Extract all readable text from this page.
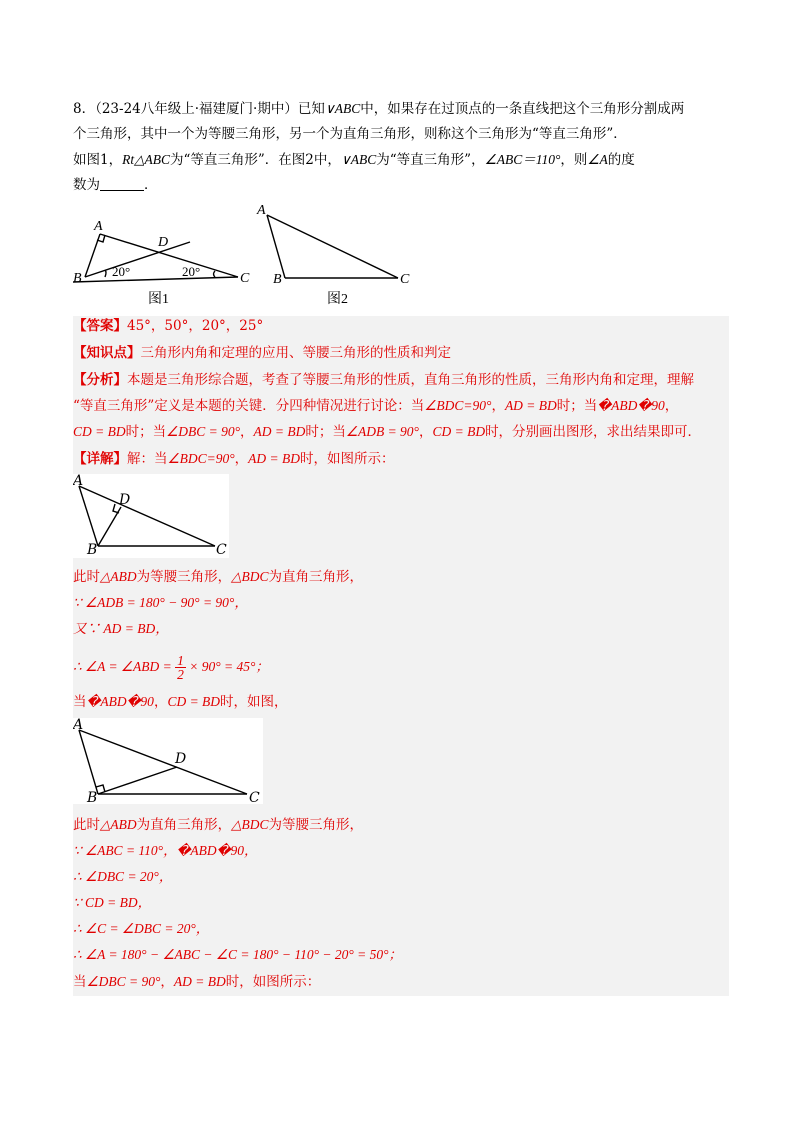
8．（23-24八年级上·福建厦门·期中）已知∨ABC中，如果存在过顶点的一条直线把这个三角形分割成两

个三角形，其中一个为等腰三角形，另一个为直角三角形，则称这个三角形为“等直三角形”．

如图1，Rt△ABC为“等直三角形”．在图2中，∨ABC为“等直三角形”，∠ABC＝110°，则∠A的度

数为	．

A
B	C
D
20°	20°
图1
A
B	C
图2
【答案】45°，50°，20°，25°
【知识点】三角形内角和定理的应用、等腰三角形的性质和判定
【分析】本题是三角形综合题，考查了等腰三角形的性质，直角三角形的性质，三角形内角和定理，理解
“等直三角形”定义是本题的关键．分四种情况进行讨论：当∠BDC=90°，AD = BD时；当�ABD�90，
CD = BD时；当∠DBC = 90°，AD = BD时；当∠ADB = 90°，CD = BD时，分别画出图形，求出结果即可．
【详解】解：当∠BDC=90°，AD = BD时，如图所示：
A
B	C
D
此时△ABD为等腰三角形，△BDC为直角三角形，
∵ ∠ADB = 180° − 90° = 90°，
又∵ AD = BD，
∴ ∠A = ∠ABD = $\frac{1}{2} \times 90^\circ = 45^\circ$；
当�ABD�90，CD = BD时，如图，
A
B	C
D
此时△ABD为直角三角形，△BDC为等腰三角形，
∵ ∠ABC = 110°，�ABD�90，
∴ ∠DBC = 20°，
∵ CD = BD，
∴ ∠C = ∠DBC = 20°，
∴ ∠A = 180° − ∠ABC − ∠C = 180° − 110° − 20° = 50°；
当∠DBC = 90°，AD = BD时，如图所示：
